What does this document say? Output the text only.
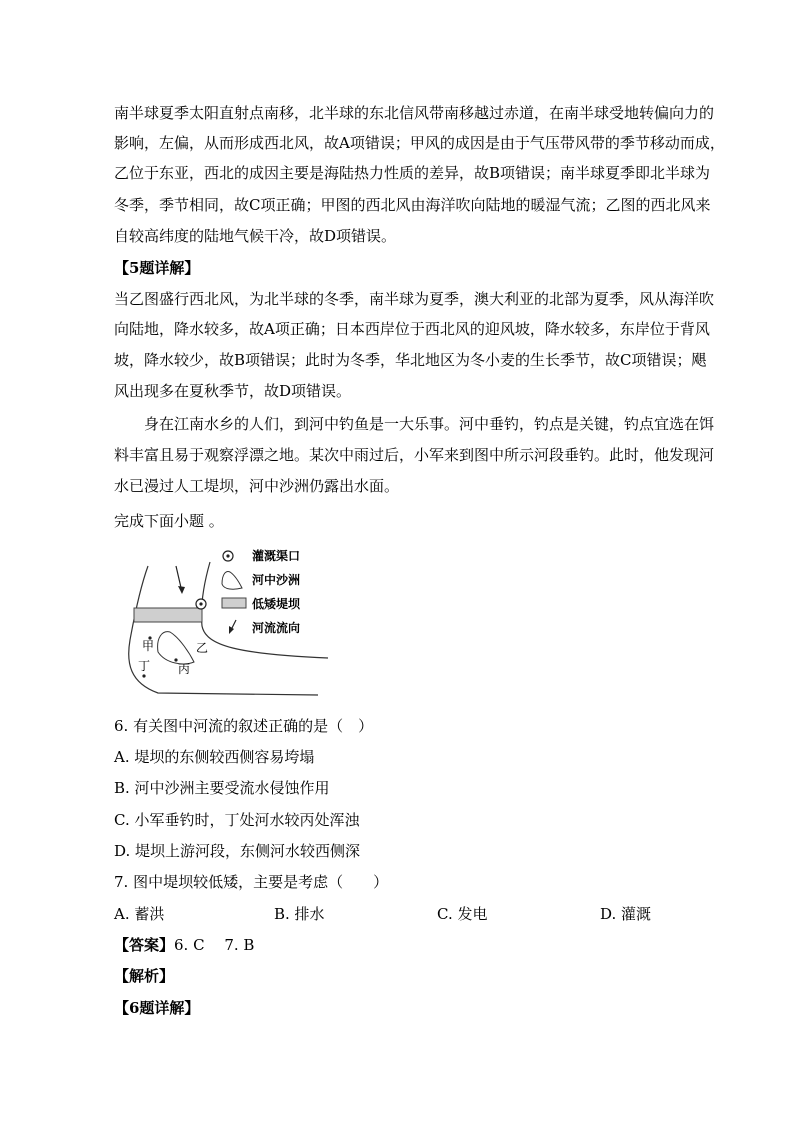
南半球夏季太阳直射点南移，北半球的东北信风带南移越过赤道，在南半球受地转偏向力的
影响，左偏，从而形成西北风，故A项错误；甲风的成因是由于气压带风带的季节移动而成，
乙位于东亚，西北的成因主要是海陆热力性质的差异，故B项错误；南半球夏季即北半球为
冬季，季节相同，故C项正确；甲图的西北风由海洋吹向陆地的暖湿气流；乙图的西北风来
自较高纬度的陆地气候干冷，故D项错误。
【5题详解】
当乙图盛行西北风，为北半球的冬季，南半球为夏季，澳大利亚的北部为夏季，风从海洋吹
向陆地，降水较多，故A项正确；日本西岸位于西北风的迎风坡，降水较多，东岸位于背风
坡，降水较少，故B项错误；此时为冬季，华北地区为冬小麦的生长季节，故C项错误；飓
风出现多在夏秋季节，故D项错误。
身在江南水乡的人们，到河中钓鱼是一大乐事。河中垂钓，钓点是关键，钓点宜选在饵
料丰富且易于观察浮漂之地。某次中雨过后，小军来到图中所示河段垂钓。此时，他发现河
水已漫过人工堤坝，河中沙洲仍露出水面。
完成下面小题 。
甲	乙
丙
丁
灌溉渠口
河中沙洲
低矮堤坝
河流流向
6. 有关图中河流的叙述正确的是（　）
A. 堤坝的东侧较西侧容易垮塌
B. 河中沙洲主要受流水侵蚀作用
C. 小军垂钓时，丁处河水较丙处浑浊
D. 堤坝上游河段，东侧河水较西侧深
7. 图中堤坝较低矮，主要是考虑（　　）
A. 蓄洪	B. 排水	C. 发电	D. 灌溉
【答案】6. C　 7. B
【解析】
【6题详解】
